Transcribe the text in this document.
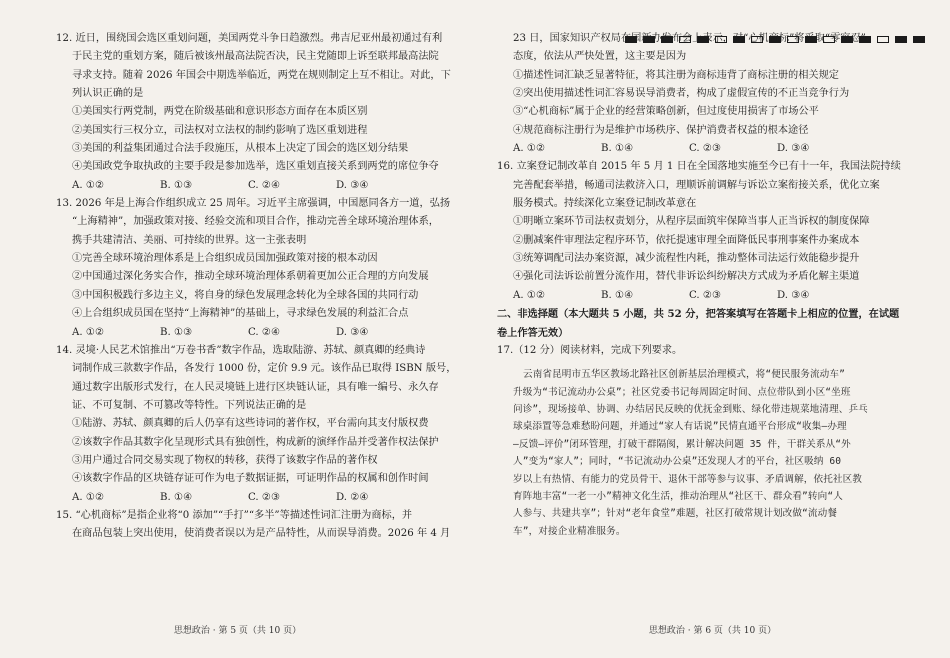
12. 近日，围绕国会选区重划问题，美国两党斗争日趋激烈。弗吉尼亚州最初通过有利
于民主党的重划方案，随后被该州最高法院否决，民主党随即上诉至联邦最高法院
寻求支持。随着 2026 年国会中期选举临近，两党在规则制定上互不相让。对此，下
列认识正确的是
①美国实行两党制，两党在阶级基础和意识形态方面存在本质区别
②美国实行三权分立，司法权对立法权的制约影响了选区重划进程
③美国的利益集团通过合法手段施压，从根本上决定了国会的选区划分结果
④美国政党争取执政的主要手段是参加选举，选区重划直接关系到两党的席位争夺
A. ①②	B. ①③	C. ②④	D. ③④
13. 2026 年是上海合作组织成立 25 周年。习近平主席强调，中国愿同各方一道，弘扬
“上海精神”，加强政策对接、经验交流和项目合作，推动完善全球环境治理体系，
携手共建清洁、美丽、可持续的世界。这一主张表明
①完善全球环境治理体系是上合组织成员国加强政策对接的根本动因
②中国通过深化务实合作，推动全球环境治理体系朝着更加公正合理的方向发展
③中国积极践行多边主义，将自身的绿色发展理念转化为全球各国的共同行动
④上合组织成员国在坚持“上海精神”的基础上，寻求绿色发展的利益汇合点
A. ①②	B. ①③	C. ②④	D. ③④
14. 灵境·人民艺术馆推出“万卷书香”数字作品，选取陆游、苏轼、颜真卿的经典诗
词制作成三款数字作品，各发行 1000 份，定价 9.9 元。该作品已取得 ISBN 版号，
通过数字出版形式发行，在人民灵境链上进行区块链认证，具有唯一编号、永久存
证、不可复制、不可篡改等特性。下列说法正确的是
①陆游、苏轼、颜真卿的后人仍享有这些诗词的著作权，平台需向其支付版权费
②该数字作品其数字化呈现形式具有独创性，构成新的演绎作品并受著作权法保护
③用户通过合同交易实现了物权的转移，获得了该数字作品的著作权
④该数字作品的区块链存证可作为电子数据证据，可证明作品的权属和创作时间
A. ①②	B. ①④	C. ②③	D. ②④
15. “心机商标”是指企业将“0 添加”“手打”“多半”等描述性词汇注册为商标，并
在商品包装上突出使用，使消费者误以为是产品特性，从而误导消费。2026 年 4 月
思想政治 · 第 5 页（共 10 页）
23 日，国家知识产权局在国新办发布会上表示，对“心机商标”将采取“零容忍”
态度，依法从严快处置，这主要是因为
①描述性词汇缺乏显著特征，将其注册为商标违背了商标注册的相关规定
②突出使用描述性词汇容易误导消费者，构成了虚假宣传的不正当竞争行为
③“心机商标”属于企业的经营策略创新，但过度使用损害了市场公平
④规范商标注册行为是维护市场秩序、保护消费者权益的根本途径
A. ①②	B. ①④	C. ②③	D. ③④
16. 立案登记制改革自 2015 年 5 月 1 日在全国落地实施至今已有十一年，我国法院持续
完善配套举措，畅通司法救济入口，理顺诉前调解与诉讼立案衔接关系，优化立案
服务模式。持续深化立案登记制改革意在
①明晰立案环节司法权责划分，从程序层面筑牢保障当事人正当诉权的制度保障
②删减案件审理法定程序环节，依托提速审理全面降低民事刑事案件办案成本
③统筹调配司法办案资源，减少流程性内耗，推动整体司法运行效能稳步提升
④强化司法诉讼前置分流作用，替代非诉讼纠纷解决方式成为矛盾化解主渠道
A. ①②	B. ①④	C. ②③	D. ③④
二、非选择题（本大题共 5 小题，共 52 分，把答案填写在答题卡上相应的位置，在试题
卷上作答无效）
17.（12 分）阅读材料，完成下列要求。
云南省昆明市五华区教场北路社区创新基层治理模式，将“便民服务流动车”
升级为“书记流动办公桌”；社区党委书记每周固定时间、点位带队到小区“坐班
问诊”，现场接单、协调、办结居民反映的优抚金到账、绿化带违规菜地清理、乒乓
球桌添置等急难愁盼问题，并通过“家人有话说”民情直通平台形成“收集—办理
—反馈—评价”闭环管理，打破干群隔阂，累计解决问题 35 件，干群关系从“外
人”变为“家人”；同时，“书记流动办公桌”还发现人才的平台，社区吸纳 60
岁以上有热情、有能力的党员骨干、退休干部等参与议事、矛盾调解，依托社区教
育阵地丰富“一老一小”精神文化生活，推动治理从“社区干、群众看”转向“人
人参与、共建共享”；针对“老年食堂”难题，社区打破常规计划改做“流动餐
车”，对接企业精准服务。
思想政治 · 第 6 页（共 10 页）
